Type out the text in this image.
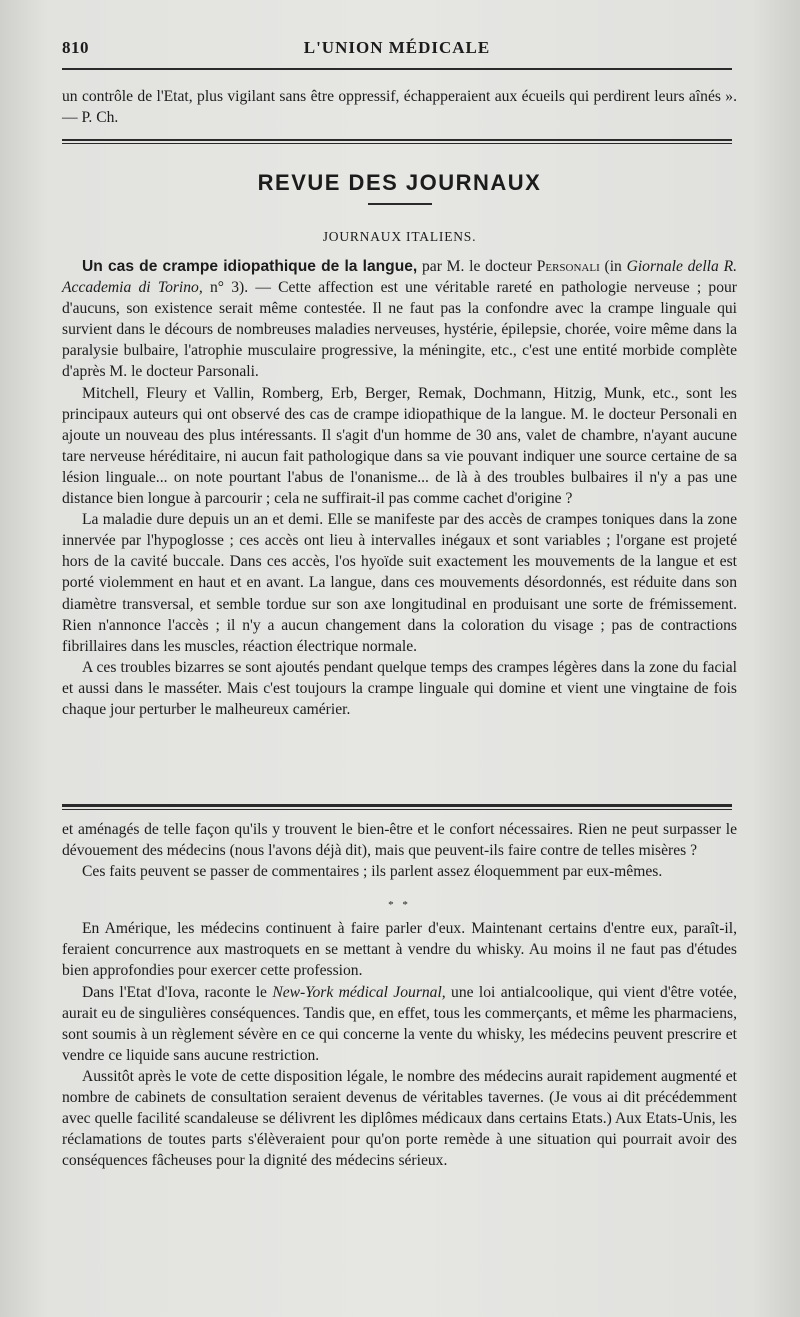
810	L'UNION MÉDICALE

un contrôle de l'Etat, plus vigilant sans être oppressif, échapperaient aux écueils qui perdirent leurs aînés ». — P. Ch.

REVUE DES JOURNAUX
JOURNAUX ITALIENS.

Un cas de crampe idiopathique de la langue, par M. le docteur Personali (in Giornale della R. Accademia di Torino, n° 3). — Cette affection est une véritable rareté en pathologie nerveuse ; pour d'aucuns, son existence serait même contestée. Il ne faut pas la confondre avec la crampe linguale qui survient dans le décours de nombreuses maladies nerveuses, hystérie, épilepsie, chorée, voire même dans la paralysie bulbaire, l'atrophie musculaire progressive, la méningite, etc., c'est une entité morbide complète d'après M. le docteur Parsonali.

Mitchell, Fleury et Vallin, Romberg, Erb, Berger, Remak, Dochmann, Hitzig, Munk, etc., sont les principaux auteurs qui ont observé des cas de crampe idiopathique de la langue. M. le docteur Personali en ajoute un nouveau des plus intéressants. Il s'agit d'un homme de 30 ans, valet de chambre, n'ayant aucune tare nerveuse héréditaire, ni aucun fait pathologique dans sa vie pouvant indiquer une source certaine de sa lésion linguale... on note pourtant l'abus de l'onanisme... de là à des troubles bulbaires il n'y a pas une distance bien longue à parcourir ; cela ne suffirait-il pas comme cachet d'origine ?

La maladie dure depuis un an et demi. Elle se manifeste par des accès de crampes toniques dans la zone innervée par l'hypoglosse ; ces accès ont lieu à intervalles inégaux et sont variables ; l'organe est projeté hors de la cavité buccale. Dans ces accès, l'os hyoïde suit exactement les mouvements de la langue et est porté violemment en haut et en avant. La langue, dans ces mouvements désordonnés, est réduite dans son diamètre transversal, et semble tordue sur son axe longitudinal en produisant une sorte de frémissement. Rien n'annonce l'accès ; il n'y a aucun changement dans la coloration du visage ; pas de contractions fibrillaires dans les muscles, réaction électrique normale.

A ces troubles bizarres se sont ajoutés pendant quelque temps des crampes légères dans la zone du facial et aussi dans le masséter. Mais c'est toujours la crampe linguale qui domine et vient une vingtaine de fois chaque jour perturber le malheureux camérier.

et aménagés de telle façon qu'ils y trouvent le bien-être et le confort nécessaires. Rien ne peut surpasser le dévouement des médecins (nous l'avons déjà dit), mais que peuvent-ils faire contre de telles misères ?

Ces faits peuvent se passer de commentaires ; ils parlent assez éloquemment par eux-mêmes.

* *

En Amérique, les médecins continuent à faire parler d'eux. Maintenant certains d'entre eux, paraît-il, feraient concurrence aux mastroquets en se mettant à vendre du whisky. Au moins il ne faut pas d'études bien approfondies pour exercer cette profession.

Dans l'Etat d'Iova, raconte le New-York médical Journal, une loi antialcoolique, qui vient d'être votée, aurait eu de singulières conséquences. Tandis que, en effet, tous les commerçants, et même les pharmaciens, sont soumis à un règlement sévère en ce qui concerne la vente du whisky, les médecins peuvent prescrire et vendre ce liquide sans aucune restriction.

Aussitôt après le vote de cette disposition légale, le nombre des médecins aurait rapidement augmenté et nombre de cabinets de consultation seraient devenus de véritables tavernes. (Je vous ai dit précédemment avec quelle facilité scandaleuse se délivrent les diplômes médicaux dans certains Etats.) Aux Etats-Unis, les réclamations de toutes parts s'élèveraient pour qu'on porte remède à une situation qui pourrait avoir des conséquences fâcheuses pour la dignité des médecins sérieux.
